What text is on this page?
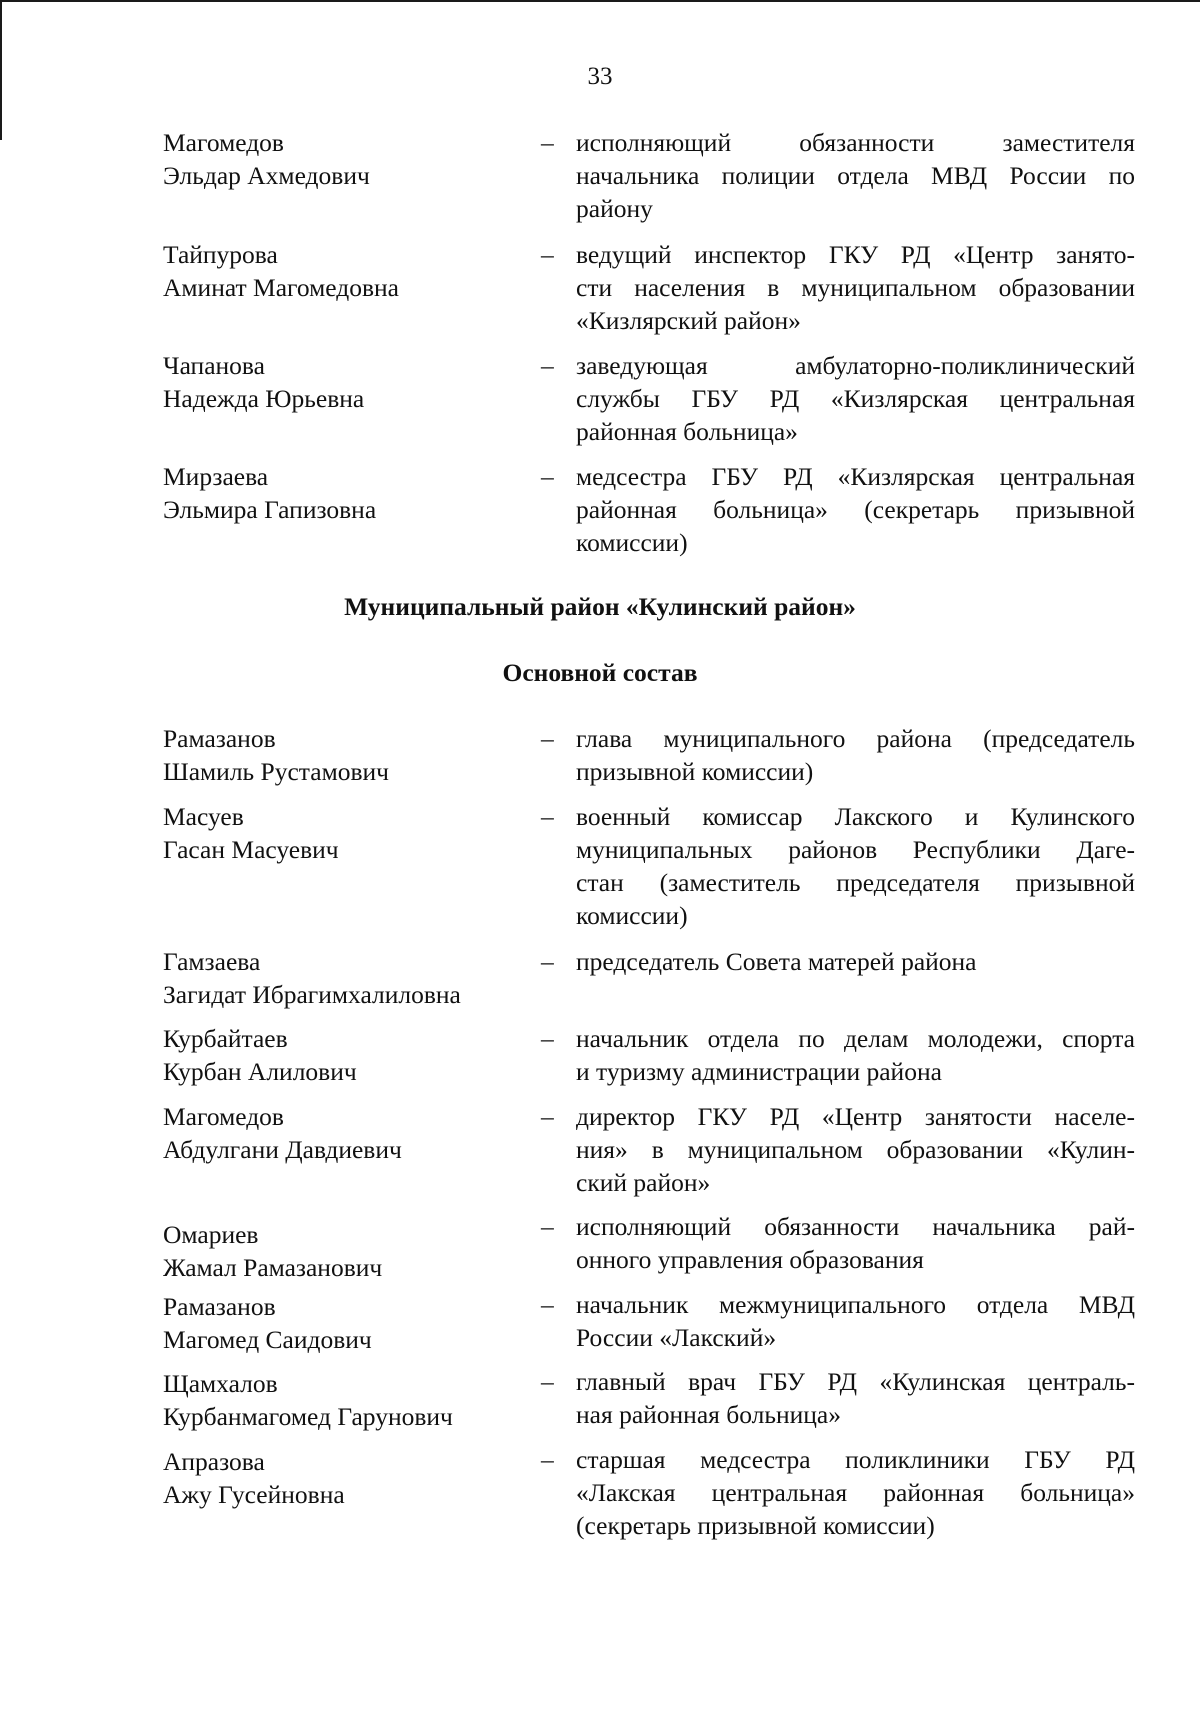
33
Магомедов
Эльдар Ахмедович
– исполняющий обязанности заместителя
начальника полиции отдела МВД России по
району
Тайпурова
Аминат Магомедовна
– ведущий инспектор ГКУ РД «Центр занято-
сти населения в муниципальном образовании
«Кизлярский район»
Чапанова
Надежда Юрьевна
– заведующая амбулаторно-поликлинический
службы ГБУ РД «Кизлярская центральная
районная больница»
Мирзаева
Эльмира Гапизовна
– медсестра ГБУ РД «Кизлярская центральная
районная больница» (секретарь призывной
комиссии)
Муниципальный район «Кулинский район»
Основной состав
Рамазанов
Шамиль Рустамович
– глава муниципального района (председатель
призывной комиссии)
Масуев
Гасан Масуевич
– военный комиссар Лакского и Кулинского
муниципальных районов Республики Даге-
стан (заместитель председателя призывной
комиссии)
Гамзаева
Загидат Ибрагимхалиловна
– председатель Совета матерей района
Курбайтаев
Курбан Алилович
– начальник отдела по делам молодежи, спорта
и туризму администрации района
Магомедов
Абдулгани Давдиевич
– директор ГКУ РД «Центр занятости населе-
ния» в муниципальном образовании «Кулин-
ский район»
Омариев
Жамал Рамазанович
– исполняющий обязанности начальника рай-
онного управления образования
Рамазанов
Магомед Саидович
– начальник межмуниципального отдела МВД
России «Лакский»
Щамхалов
Курбанмагомед Гарунович
– главный врач ГБУ РД «Кулинская централь-
ная районная больница»
Апразова
Ажу Гусейновна
– старшая медсестра поликлиники ГБУ РД
«Лакская центральная районная больница»
(секретарь призывной комиссии)
